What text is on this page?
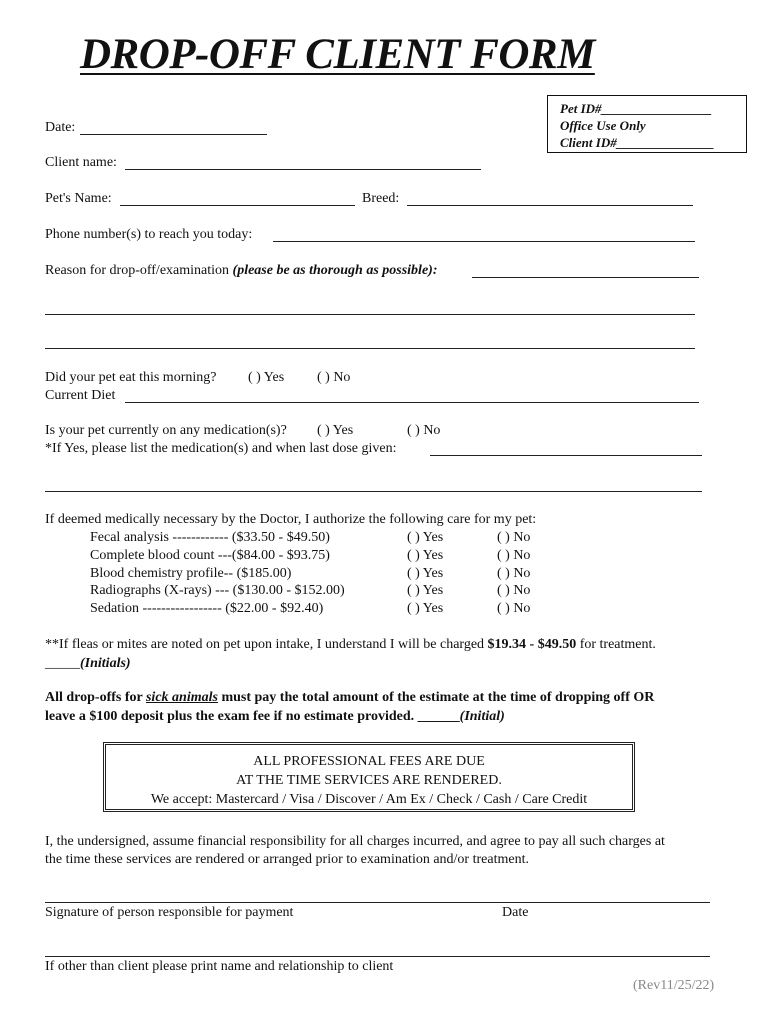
DROP-OFF CLIENT FORM
Pet ID#_________________
Office Use Only
Client ID#_______________
Date:
Client name:
Pet's Name:	Breed:
Phone number(s) to reach you today:
Reason for drop-off/examination (please be as thorough as possible):
Did your pet eat this morning? ( ) Yes ( ) No
Current Diet
Is your pet currently on any medication(s)? ( ) Yes	( ) No
*If Yes, please list the medication(s) and when last dose given:
If deemed medically necessary by the Doctor, I authorize the following care for my pet:
Fecal analysis ------------ ($33.50 - $49.50)	( ) Yes	( ) No
Complete blood count ---($84.00 - $93.75)	( ) Yes	( ) No
Blood chemistry profile-- ($185.00)	( ) Yes	( ) No
Radiographs (X-rays) --- ($130.00 - $152.00)	( ) Yes	( ) No
Sedation ----------------- ($22.00 - $92.40)	( ) Yes	( ) No
**If fleas or mites are noted on pet upon intake, I understand I will be charged $19.34 - $49.50 for treatment.
_____(Initials)
All drop-offs for sick animals must pay the total amount of the estimate at the time of dropping off OR
leave a $100 deposit plus the exam fee if no estimate provided. ______(Initial)
ALL PROFESSIONAL FEES ARE DUE
AT THE TIME SERVICES ARE RENDERED.
We accept: Mastercard / Visa / Discover / Am Ex / Check / Cash / Care Credit
I, the undersigned, assume financial responsibility for all charges incurred, and agree to pay all such charges at
the time these services are rendered or arranged prior to examination and/or treatment.
Signature of person responsible for payment	Date
If other than client please print name and relationship to client
(Rev11/25/22)
